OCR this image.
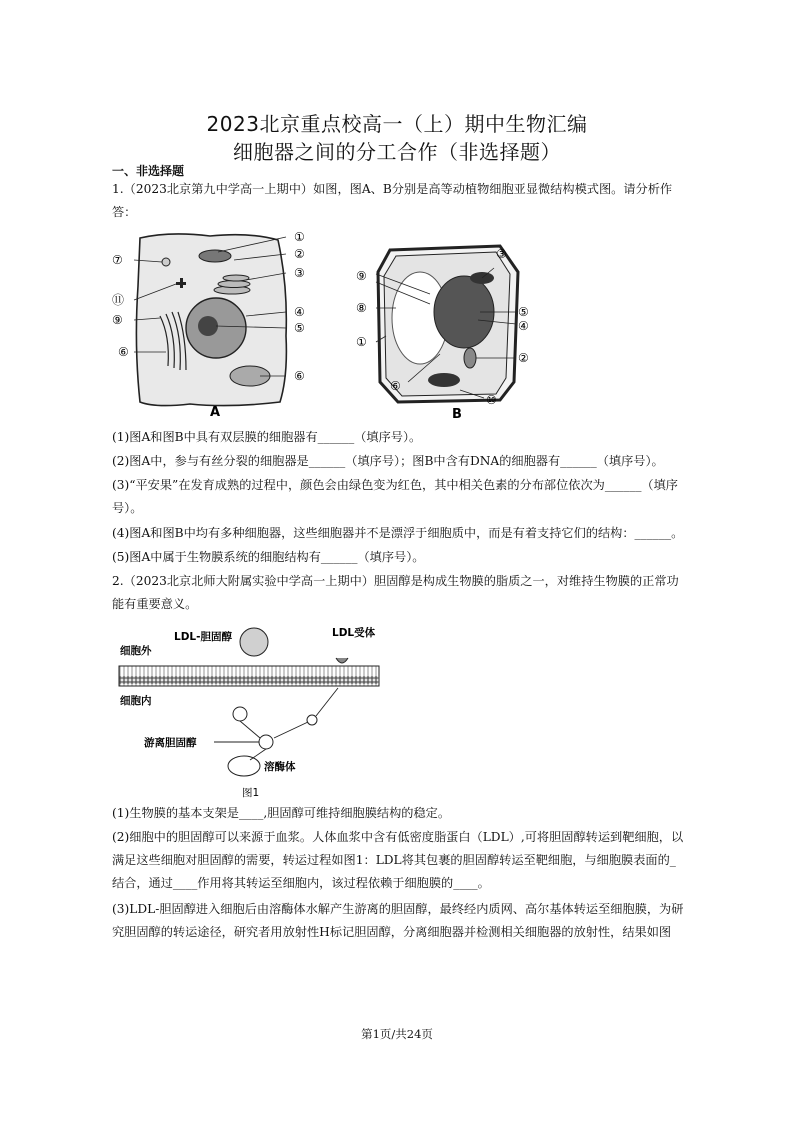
2023北京重点校高一（上）期中生物汇编
细胞器之间的分工合作（非选择题）
一、非选择题
1.（2023北京第九中学高一上期中）如图，图A、B分别是高等动植物细胞亚显微结构模式图。请分析作答：
①
②
③
④
⑤
⑥
⑦
⑪
⑨
⑥
A
⑨
⑧
①
⑥
③
⑤
④
②
⑩
B
(1)图A和图B中具有双层膜的细胞器有______（填序号）。
(2)图A中，参与有丝分裂的细胞器是______（填序号）；图B中含有DNA的细胞器有______（填序号）。
(3)“平安果”在发育成熟的过程中，颜色会由绿色变为红色，其中相关色素的分布部位依次为______（填序号）。
(4)图A和图B中均有多种细胞器，这些细胞器并不是漂浮于细胞质中，而是有着支持它们的结构：______。
(5)图A中属于生物膜系统的细胞结构有______（填序号）。
2.（2023北京北师大附属实验中学高一上期中）胆固醇是构成生物膜的脂质之一，对维持生物膜的正常功能有重要意义。
LDL-胆固醇	LDL受体
细胞外
细胞内
游离胆固醇
溶酶体
图1
(1)生物膜的基本支架是____,胆固醇可维持细胞膜结构的稳定。
(2)细胞中的胆固醇可以来源于血浆。人体血浆中含有低密度脂蛋白（LDL）,可将胆固醇转运到靶细胞，以满足这些细胞对胆固醇的需要，转运过程如图1：LDL将其包裹的胆固醇转运至靶细胞，与细胞膜表面的_结合，通过____作用将其转运至细胞内，该过程依赖于细胞膜的____。
(3)LDL-胆固醇进入细胞后由溶酶体水解产生游离的胆固醇，最终经内质网、高尔基体转运至细胞膜，为研究胆固醇的转运途径，研究者用放射性H标记胆固醇，分离细胞器并检测相关细胞器的放射性，结果如图
第1页/共24页
